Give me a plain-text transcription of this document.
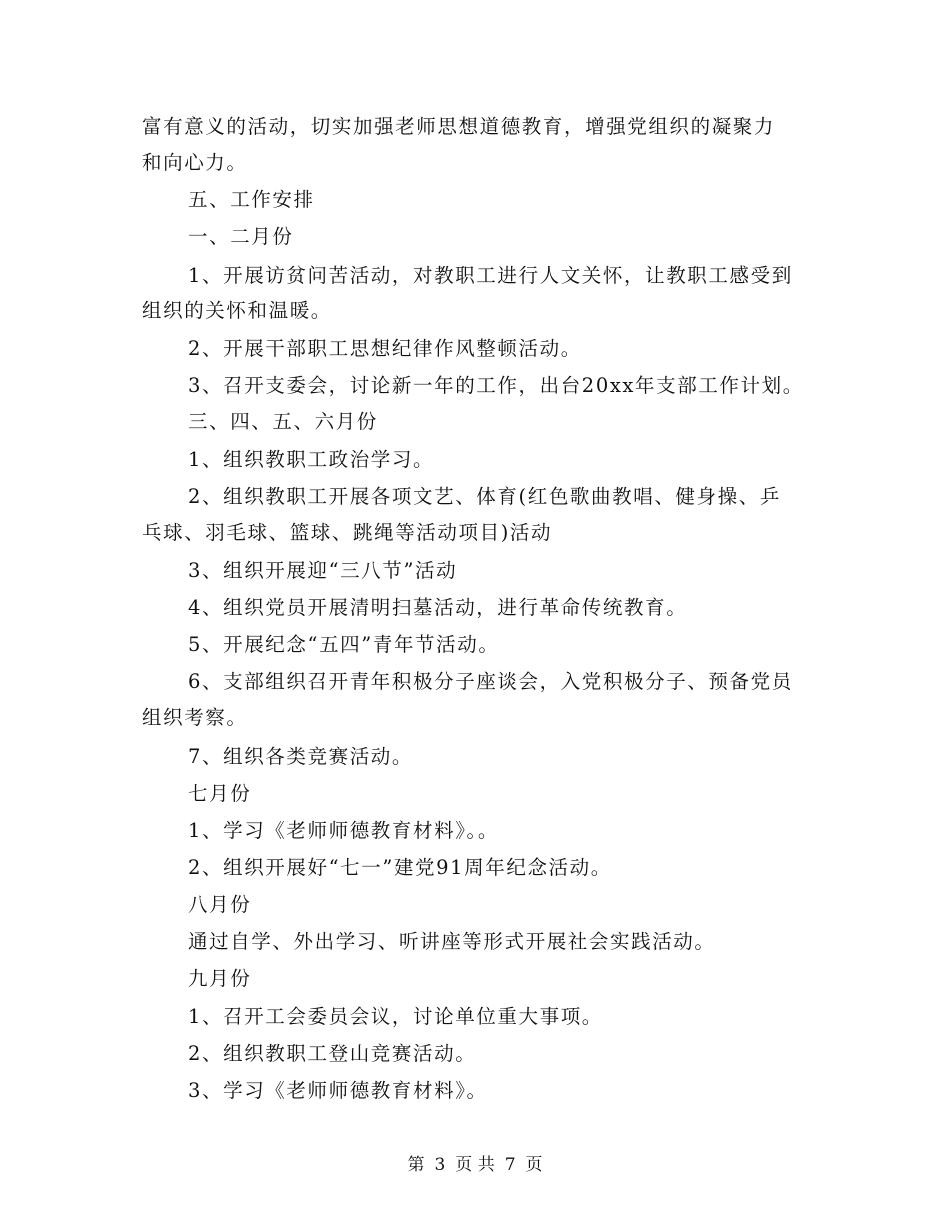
富有意义的活动，切实加强老师思想道德教育，增强党组织的凝聚力
和向心力。
五、工作安排
一、二月份
1、开展访贫问苦活动，对教职工进行人文关怀，让教职工感受到
组织的关怀和温暖。
2、开展干部职工思想纪律作风整顿活动。
3、召开支委会，讨论新一年的工作，出台20xx年支部工作计划。
三、四、五、六月份
1、组织教职工政治学习。
2、组织教职工开展各项文艺、体育(红色歌曲教唱、健身操、乒
乓球、羽毛球、篮球、跳绳等活动项目)活动
3、组织开展迎“三八节”活动
4、组织党员开展清明扫墓活动，进行革命传统教育。
5、开展纪念“五四”青年节活动。
6、支部组织召开青年积极分子座谈会，入党积极分子、预备党员
组织考察。
7、组织各类竞赛活动。
七月份
1、学习《老师师德教育材料》。。
2、组织开展好“七一”建党91周年纪念活动。
八月份
通过自学、外出学习、听讲座等形式开展社会实践活动。
九月份
1、召开工会委员会议，讨论单位重大事项。
2、组织教职工登山竞赛活动。
3、学习《老师师德教育材料》。
第 3 页 共 7 页
